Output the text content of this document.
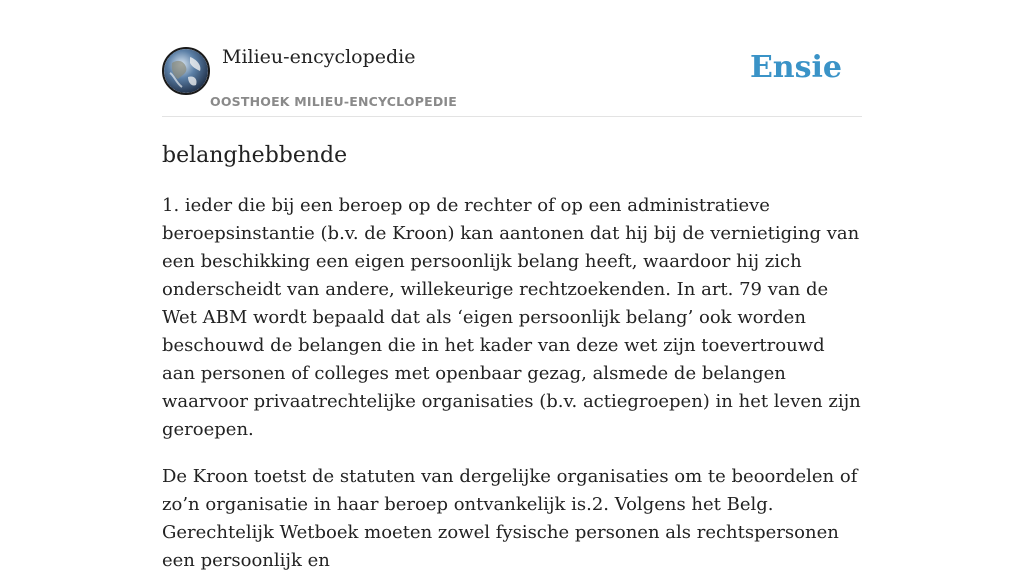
Milieu-encyclopedie
OOSTHOEK MILIEU-ENCYCLOPEDIE
Ensie
belanghebbende

1. ieder die bij een beroep op de rechter of op een administratieve beroepsinstantie (b.v. de Kroon) kan aantonen dat hij bij de vernietiging van een beschikking een eigen persoonlijk belang heeft, waardoor hij zich onderscheidt van andere, willekeurige rechtzoekenden. In art. 79 van de Wet ABM wordt bepaald dat als ‘eigen persoonlijk belang’ ook worden beschouwd de belangen die in het kader van deze wet zijn toevertrouwd aan personen of colleges met openbaar gezag, alsmede de belangen waarvoor privaatrechtelijke organisaties (b.v. actiegroepen) in het leven zijn geroepen.

De Kroon toetst de statuten van dergelijke organisaties om te beoordelen of zo’n organisatie in haar beroep ontvankelijk is.2. Volgens het Belg. Gerechtelijk Wetboek moeten zowel fysische personen als rechtspersonen een persoonlijk en
